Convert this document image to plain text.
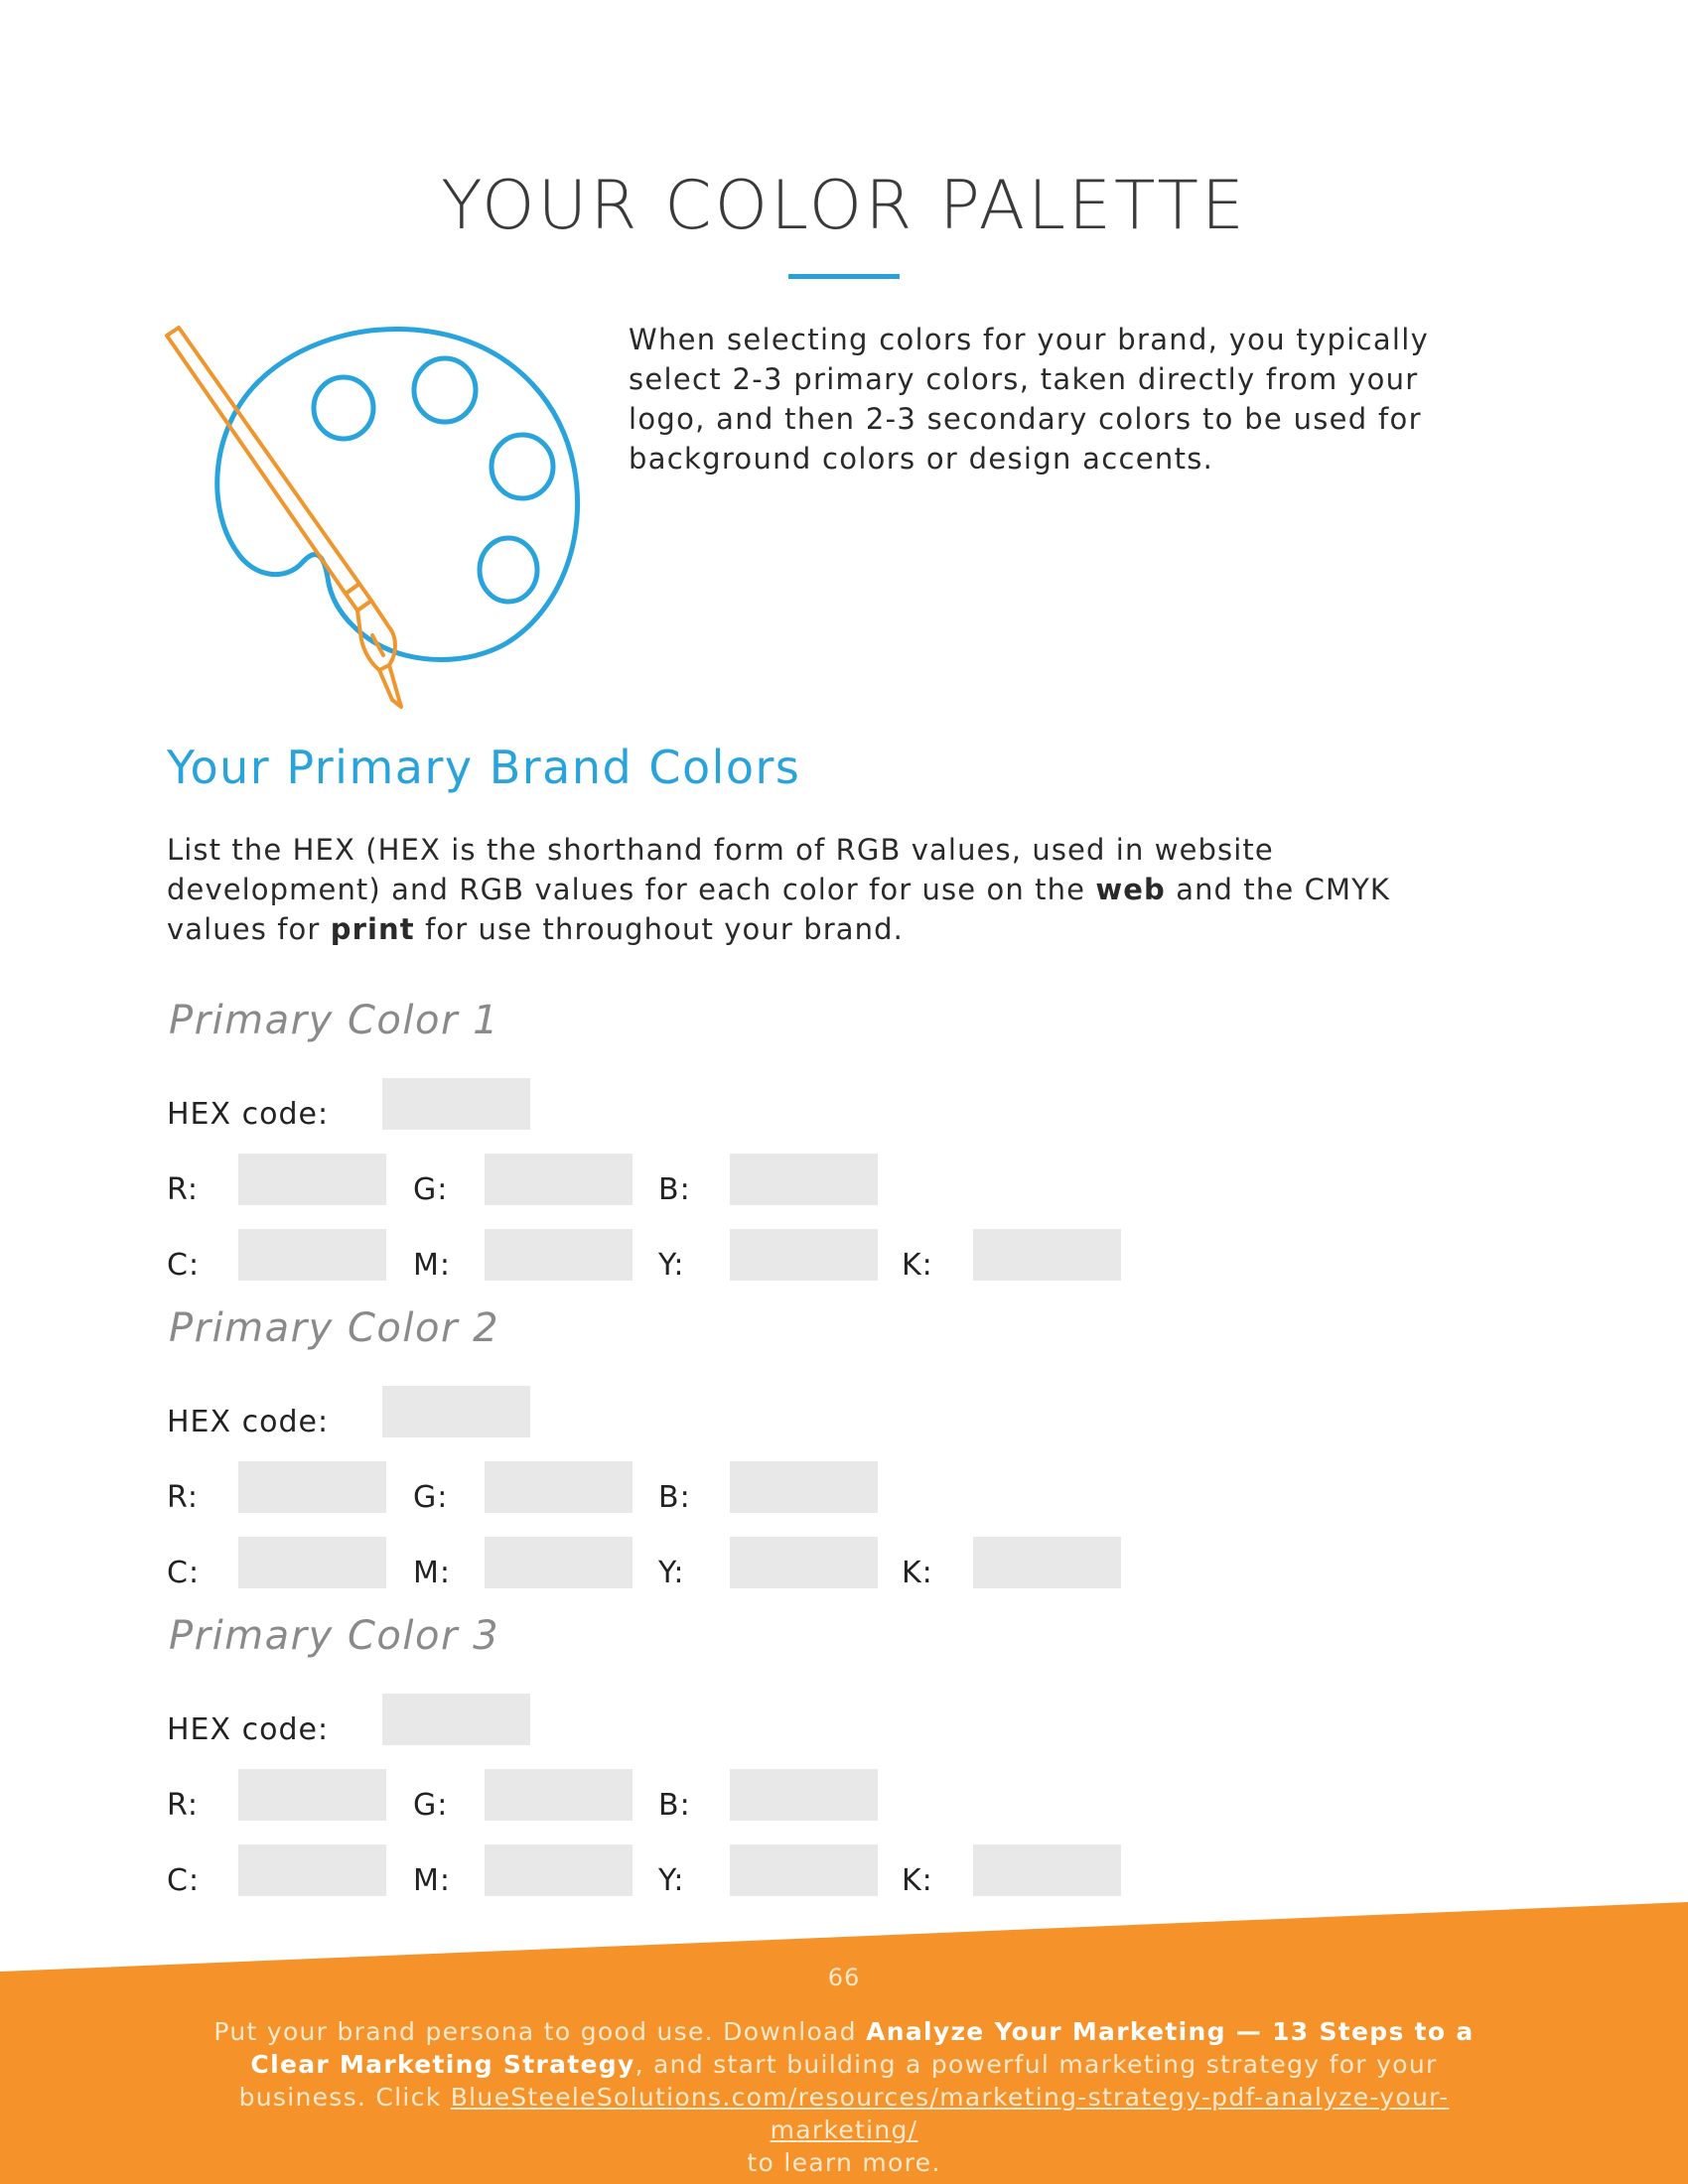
YOUR COLOR PALETTE

When selecting colors for your brand, you typically select 2-3 primary colors, taken directly from your logo, and then 2-3 secondary colors to be used for background colors or design accents.

Your Primary Brand Colors

List the HEX (HEX is the shorthand form of RGB values, used in website development) and RGB values for each color for use on the web and the CMYK values for print for use throughout your brand.

Primary Color 1
HEX code:
R:	G:	B:
C:	M:	Y:	K:
Primary Color 2
HEX code:
R:	G:	B:
C:	M:	Y:	K:
Primary Color 3
HEX code:
R:	G:	B:
C:	M:	Y:	K:
66
Put your brand persona to good use. Download Analyze Your Marketing — 13 Steps to a Clear Marketing Strategy, and start building a powerful marketing strategy for your business. Click BlueSteeleSolutions.com/resources/marketing-strategy-pdf-analyze-your-marketing/
to learn more.
